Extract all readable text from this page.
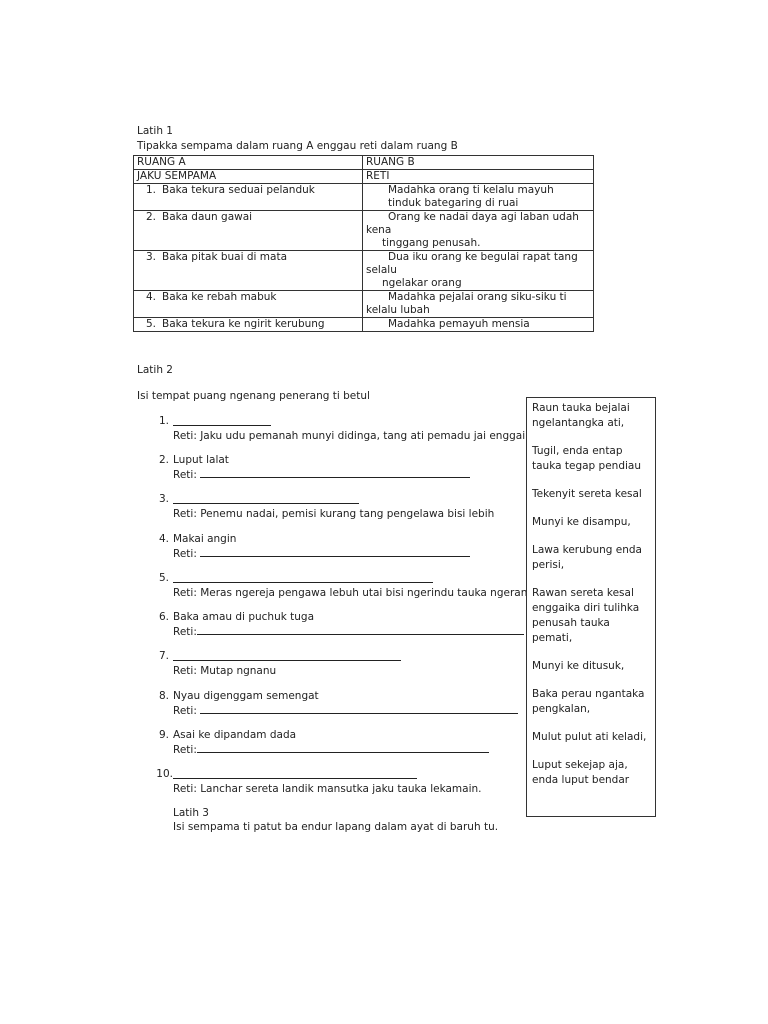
Latih 1
Tipakka sempama dalam ruang A enggau reti dalam ruang B
RUANG A	RUANG B
JAKU SEMPAMA	RETI
1. Baka tekura seduai pelanduk	Madahka orang ti kelalu mayuh
tinduk bategaring di ruai

2. Baka daun gawai	Orang ke nadai daya agi laban udah
kena
tinggang penusah.

3. Baka pitak buai di mata	Dua iku orang ke begulai rapat tang
selalu
ngelakar orang

4. Baka ke rebah mabuk	Madahka pejalai orang siku-siku ti
kelalu lubah

5. Baka tekura ke ngirit kerubung	Madahka pemayuh mensia
Latih 2
Isi tempat puang ngenang penerang ti betul
1.
Reti: Jaku udu pemanah munyi didinga, tang ati pemadu jai enggai
2. Luput lalat
Reti:
3.
Reti: Penemu nadai, pemisi kurang tang pengelawa bisi lebih
4. Makai angin
Reti:
5.
Reti: Meras ngereja pengawa lebuh utai bisi ngerindu tauka ngeran
6. Baka amau di puchuk tuga
Reti:
7.
Reti: Mutap ngnanu
8. Nyau digenggam semengat
Reti:
9. Asai ke dipandam dada
Reti:
10.
Reti: Lanchar sereta landik mansutka jaku tauka lekamain.
Raun tauka bejalai
ngelantangka ati,
Tugil, enda entap
tauka tegap pendiau
Tekenyit sereta kesal
Munyi ke disampu,
Lawa kerubung enda
perisi,
Rawan sereta kesal
enggaika diri tulihka
penusah tauka
pemati,
Munyi ke ditusuk,
Baka perau ngantaka
pengkalan,
Mulut pulut ati keladi,
Luput sekejap aja,
enda luput bendar
Latih 3
Isi sempama ti patut ba endur lapang dalam ayat di baruh tu.
